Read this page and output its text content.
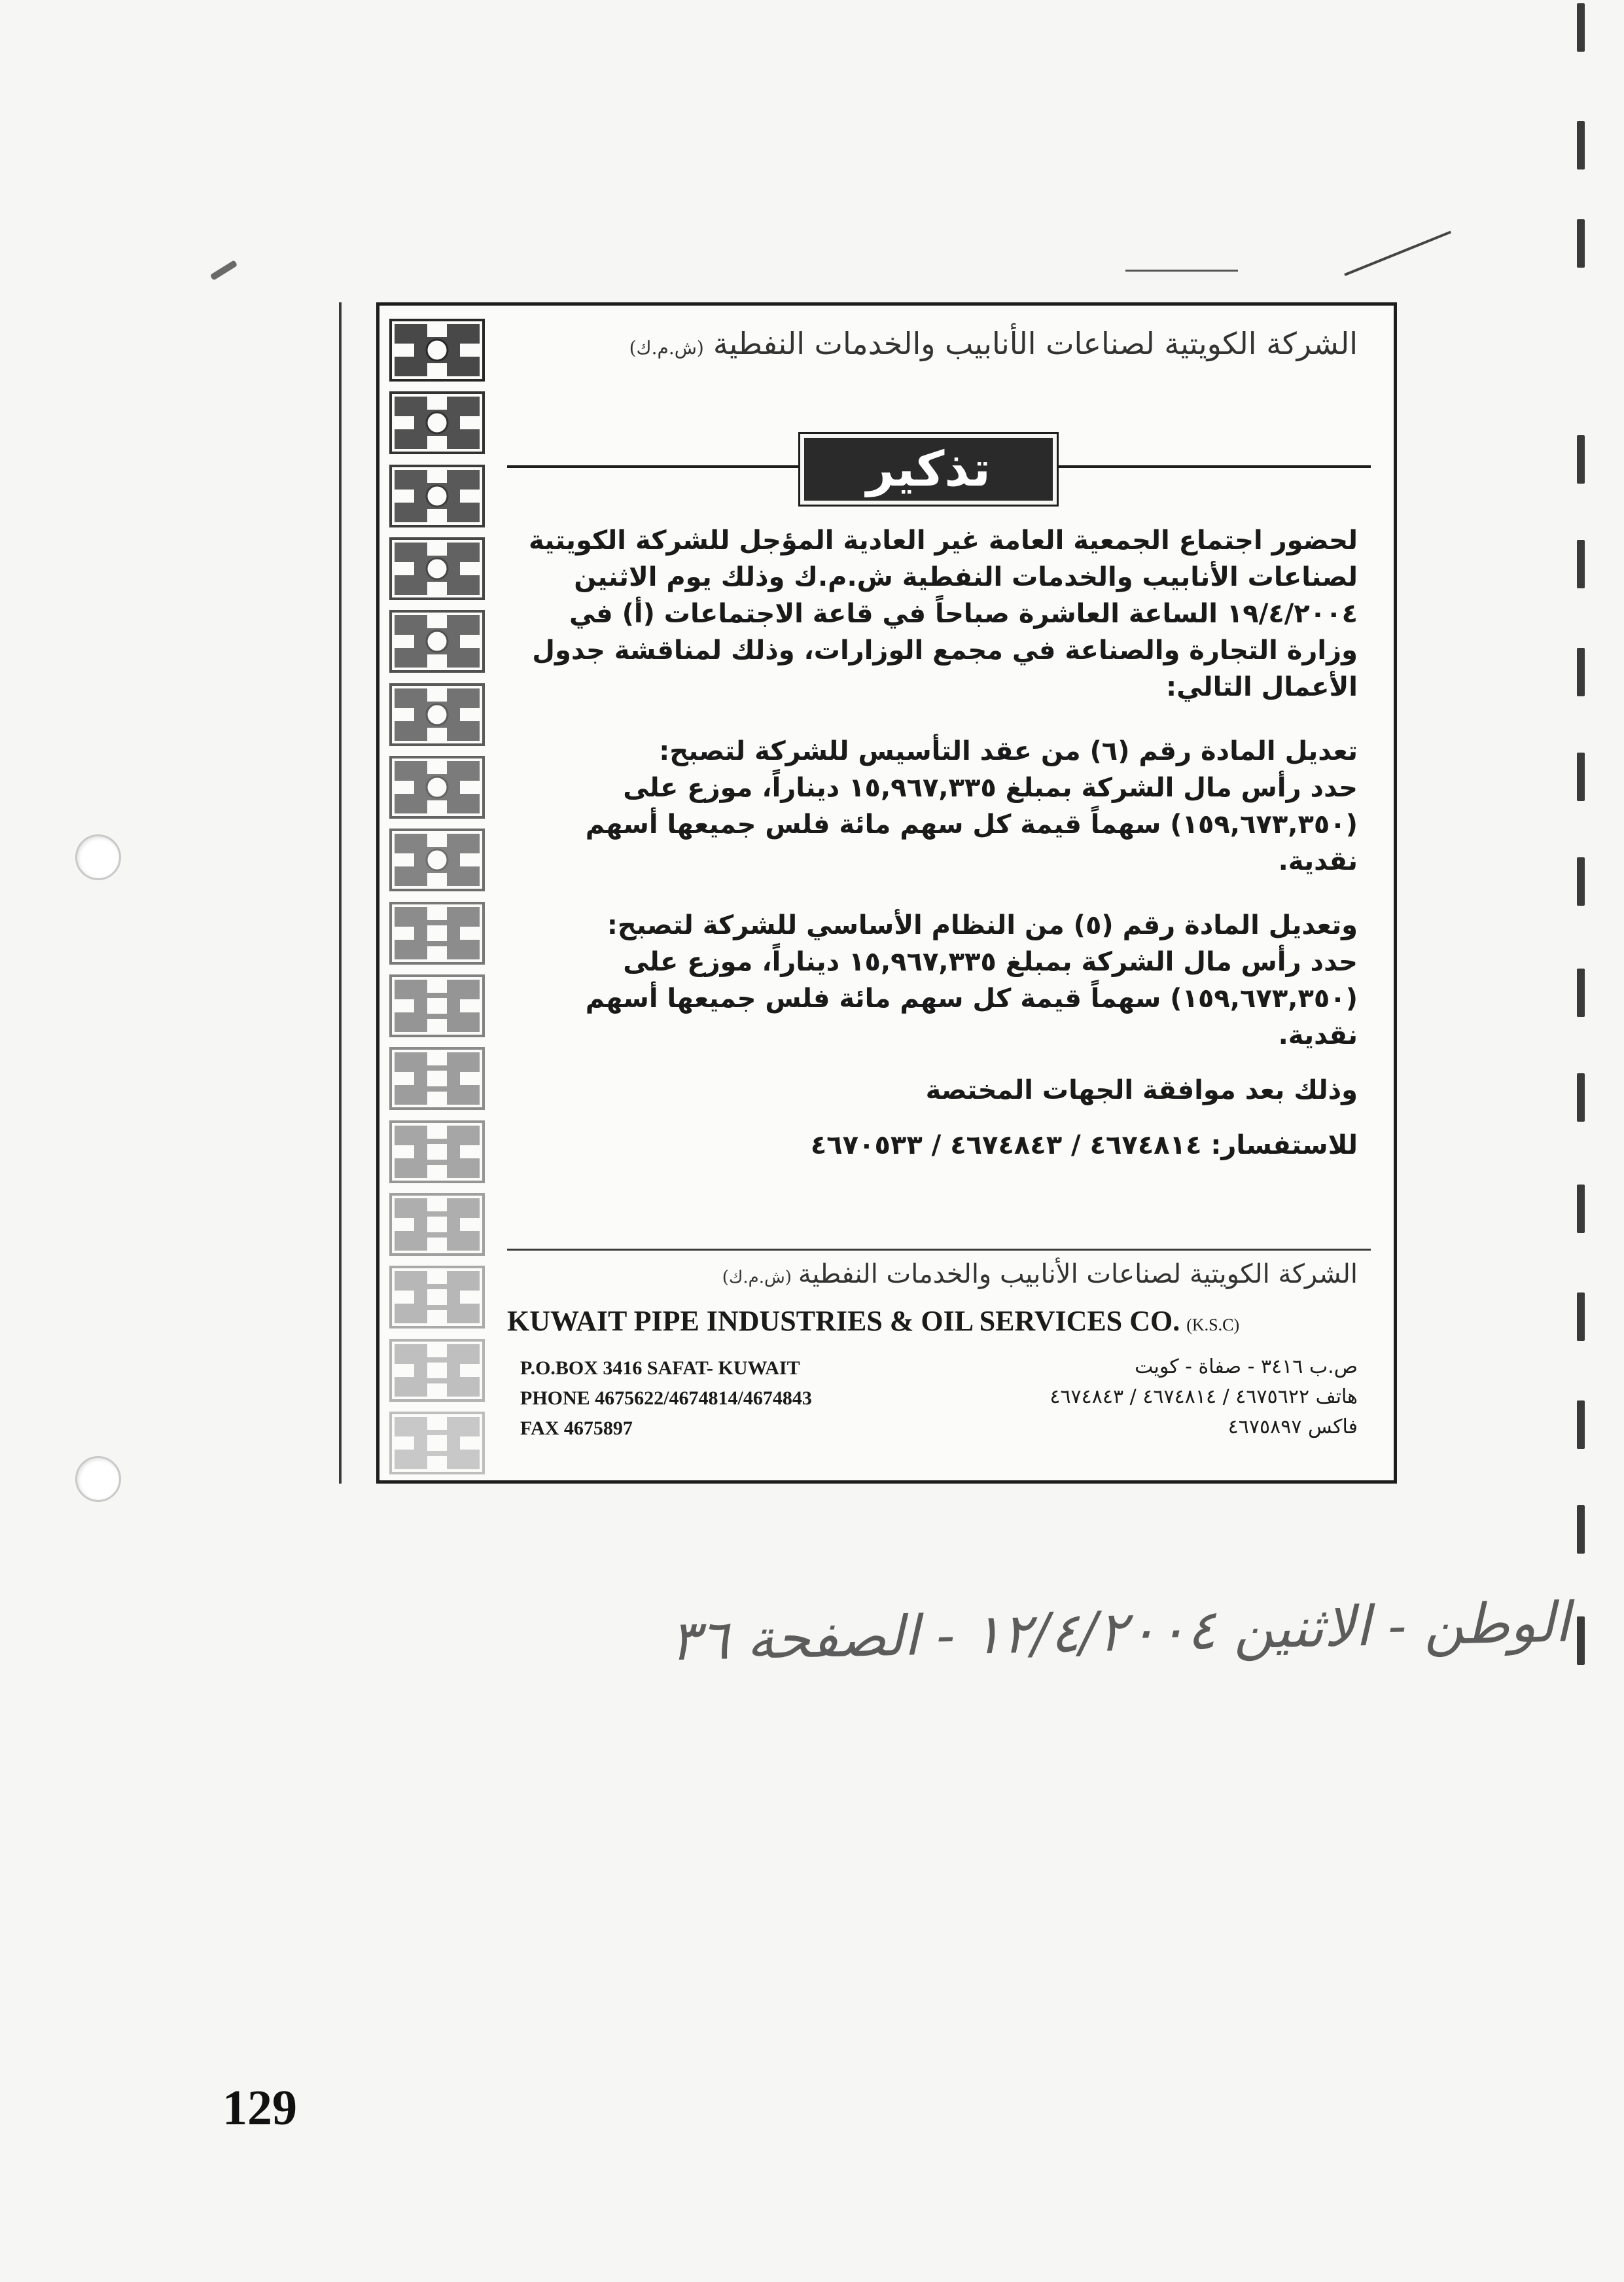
الشركة الكويتية لصناعات الأنابيب والخدمات النفطية(ش.م.ك)
تذكير

لحضور اجتماع الجمعية العامة غير العادية المؤجل للشركة الكويتية لصناعات الأنابيب والخدمات النفطية ش.م.ك وذلك يوم الاثنين ١٩/٤/٢٠٠٤ الساعة العاشرة صباحاً في قاعة الاجتماعات (أ) في وزارة التجارة والصناعة في مجمع الوزارات، وذلك لمناقشة جدول الأعمال التالي:

تعديل المادة رقم (٦) من عقد التأسيس للشركة لتصبح:

حدد رأس مال الشركة بمبلغ ١٥,٩٦٧,٣٣٥ ديناراً، موزع على (١٥٩,٦٧٣,٣٥٠) سهماً قيمة كل سهم مائة فلس جميعها أسهم نقدية.

وتعديل المادة رقم (٥) من النظام الأساسي للشركة لتصبح:

حدد رأس مال الشركة بمبلغ ١٥,٩٦٧,٣٣٥ ديناراً، موزع على (١٥٩,٦٧٣,٣٥٠) سهماً قيمة كل سهم مائة فلس جميعها أسهم نقدية.

وذلك بعد موافقة الجهات المختصة

للاستفسار: ٤٦٧٤٨١٤ / ٤٦٧٤٨٤٣ / ٤٦٧٠٥٣٣

الشركة الكويتية لصناعات الأنابيب والخدمات النفطية(ش.م.ك)
KUWAIT PIPE INDUSTRIES & OIL SERVICES CO. (K.S.C)
P.O.BOX 3416 SAFAT- KUWAIT
PHONE 4675622/4674814/4674843
FAX 4675897
ص.ب ٣٤١٦ - صفاة - كويت
هاتف ٤٦٧٥٦٢٢ / ٤٦٧٤٨١٤ / ٤٦٧٤٨٤٣
فاكس ٤٦٧٥٨٩٧
الوطن - الاثنين ١٢/٤/٢٠٠٤ - الصفحة ٣٦
129
